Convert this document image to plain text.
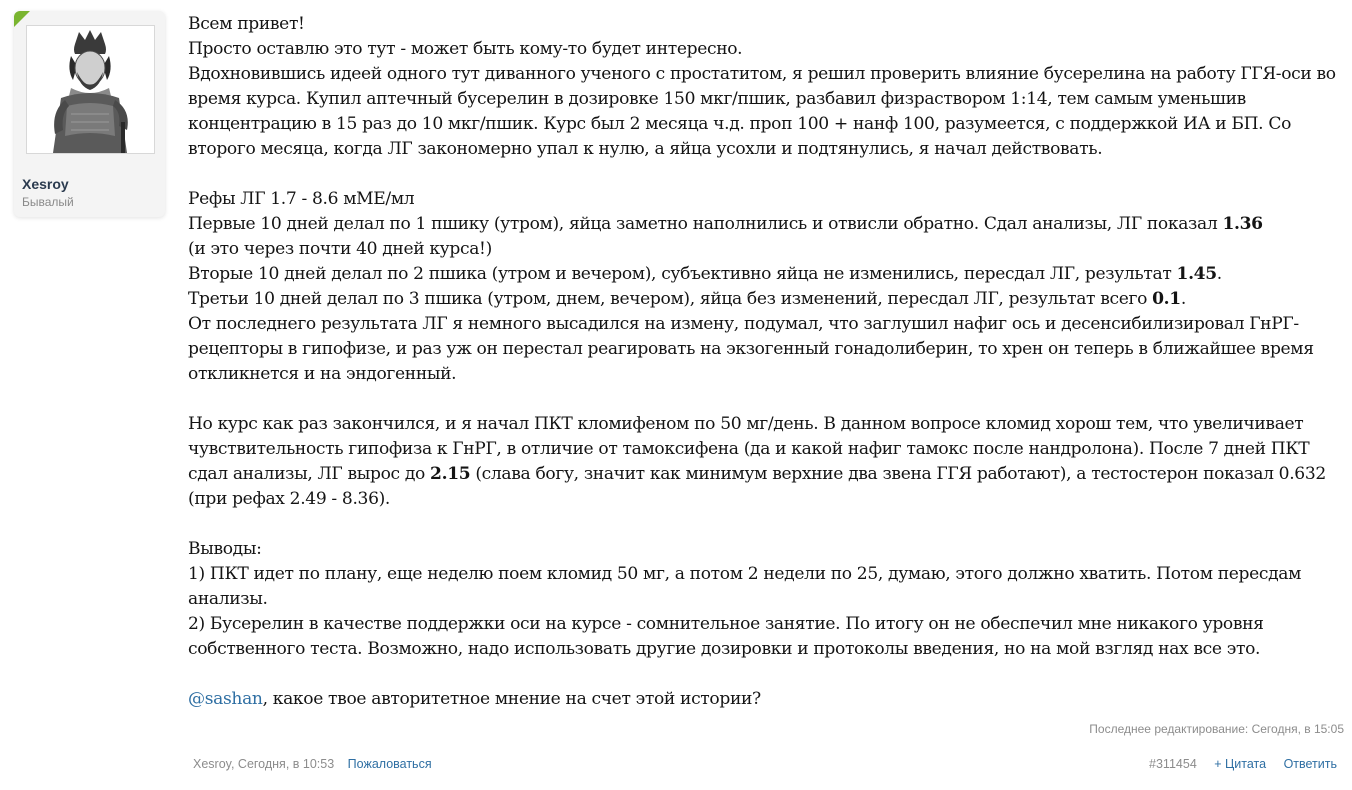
Xesroy
Бывалый

Всем привет!

Просто оставлю это тут - может быть кому-то будет интересно.

Вдохновившись идеей одного тут диванного ученого с простатитом, я решил проверить влияние бусерелина на работу ГГЯ-оси во время курса. Купил аптечный бусерелин в дозировке 150 мкг/пшик, разбавил физраствором 1:14, тем самым уменьшив концентрацию в 15 раз до 10 мкг/пшик. Курс был 2 месяца ч.д. проп 100 + нанф 100, разумеется, с поддержкой ИА и БП. Со второго месяца, когда ЛГ закономерно упал к нулю, а яйца усохли и подтянулись, я начал действовать.

Рефы ЛГ 1.7 - 8.6 мМЕ/мл

Первые 10 дней делал по 1 пшику (утром), яйца заметно наполнились и отвисли обратно. Сдал анализы, ЛГ показал 1.36
(и это через почти 40 дней курса!)

Вторые 10 дней делал по 2 пшика (утром и вечером), субъективно яйца не изменились, пересдал ЛГ, результат 1.45.

Третьи 10 дней делал по 3 пшика (утром, днем, вечером), яйца без изменений, пересдал ЛГ, результат всего 0.1.

От последнего результата ЛГ я немного высадился на измену, подумал, что заглушил нафиг ось и десенсибилизировал ГнРГ-рецепторы в гипофизе, и раз уж он перестал реагировать на экзогенный гонадолиберин, то хрен он теперь в ближайшее время откликнется и на эндогенный.

Но курс как раз закончился, и я начал ПКТ кломифеном по 50 мг/день. В данном вопросе кломид хорош тем, что увеличивает чувствительность гипофиза к ГнРГ, в отличие от тамоксифена (да и какой нафиг тамокс после нандролона). После 7 дней ПКТ сдал анализы, ЛГ вырос до 2.15 (слава богу, значит как минимум верхние два звена ГГЯ работают), а тестостерон показал 0.632 (при рефах 2.49 - 8.36).

Выводы:

1) ПКТ идет по плану, еще неделю поем кломид 50 мг, а потом 2 недели по 25, думаю, этого должно хватить. Потом пересдам анализы.

2) Бусерелин в качестве поддержки оси на курсе - сомнительное занятие. По итогу он не обеспечил мне никакого уровня собственного теста. Возможно, надо использовать другие дозировки и протоколы введения, но на мой взгляд нах все это.

@sashan, какое твое авторитетное мнение на счет этой истории?

Последнее редактирование: Сегодня, в 15:05
Xesroy, Сегодня, в 10:53 Пожаловаться	#311454 + Цитата Ответить
